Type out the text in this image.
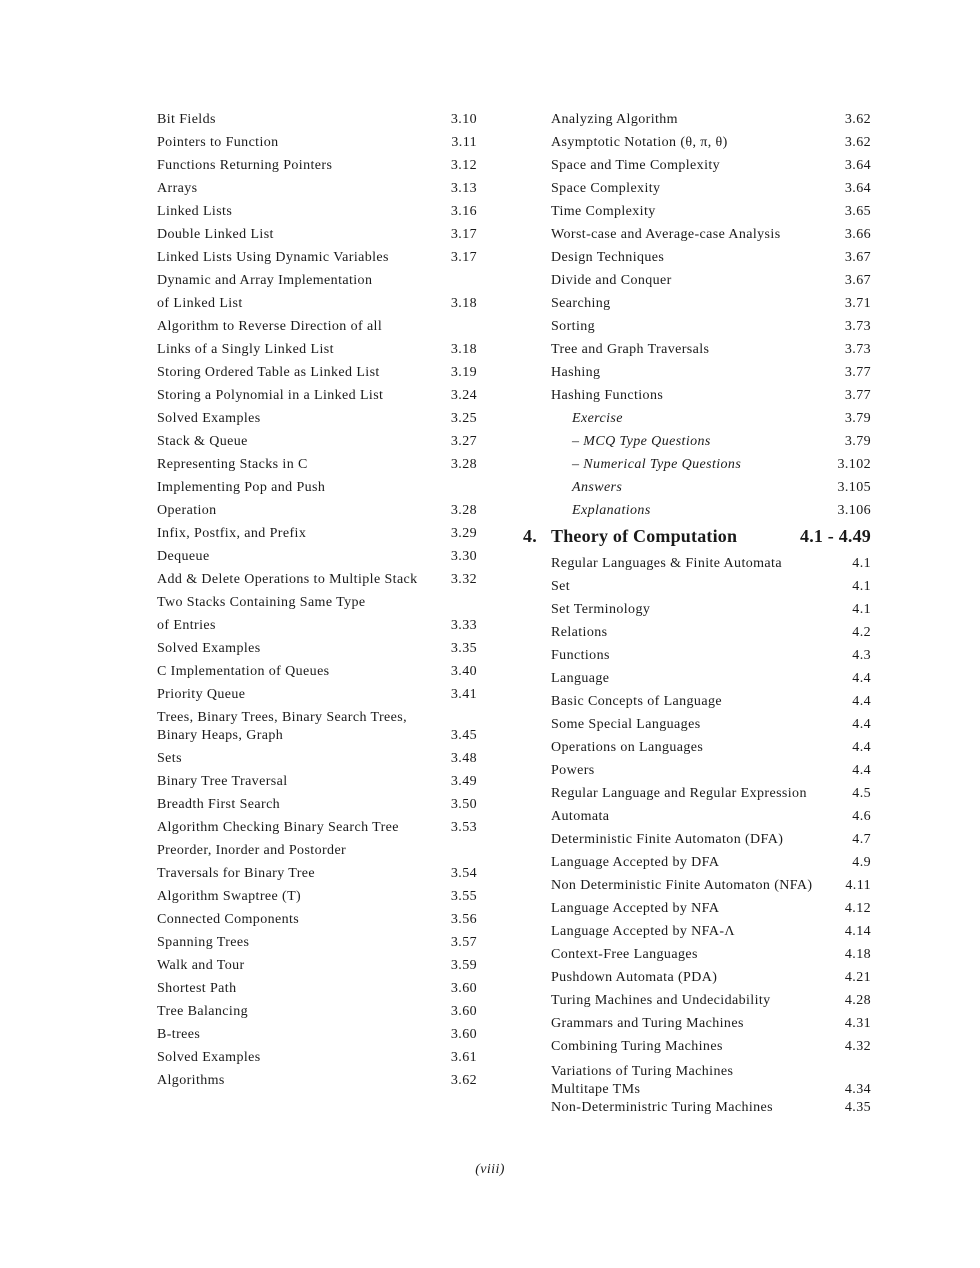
Bit Fields	3.10
Pointers to Function	3.11
Functions Returning Pointers	3.12
Arrays	3.13
Linked Lists	3.16
Double Linked List	3.17
Linked Lists Using Dynamic Variables	3.17
Dynamic and Array Implementation
of Linked List	3.18
Algorithm to Reverse Direction of all
Links of a Singly Linked List	3.18
Storing Ordered Table as Linked List	3.19
Storing a Polynomial in a Linked List	3.24
Solved Examples	3.25
Stack & Queue	3.27
Representing Stacks in C	3.28
Implementing Pop and Push
Operation	3.28
Infix, Postfix, and Prefix	3.29
Dequeue	3.30
Add & Delete Operations to Multiple Stack	3.32
Two Stacks Containing Same Type
of Entries	3.33
Solved Examples	3.35
C Implementation of Queues	3.40
Priority Queue	3.41
Trees, Binary Trees, Binary Search Trees, Binary Heaps, Graph	3.45
Sets	3.48
Binary Tree Traversal	3.49
Breadth First Search	3.50
Algorithm Checking Binary Search Tree	3.53
Preorder, Inorder and Postorder
Traversals for Binary Tree	3.54
Algorithm Swaptree (T)	3.55
Connected Components	3.56
Spanning Trees	3.57
Walk and Tour	3.59
Shortest Path	3.60
Tree Balancing	3.60
B-trees	3.60
Solved Examples	3.61
Algorithms	3.62
Analyzing Algorithm	3.62
Asymptotic Notation (θ, π, θ)	3.62
Space and Time Complexity	3.64
Space Complexity	3.64
Time Complexity	3.65
Worst-case and Average-case Analysis	3.66
Design Techniques	3.67
Divide and Conquer	3.67
Searching	3.71
Sorting	3.73
Tree and Graph Traversals	3.73
Hashing	3.77
Hashing Functions	3.77
Exercise	3.79
– MCQ Type Questions	3.79
– Numerical Type Questions	3.102
Answers	3.105
Explanations	3.106
4. Theory of Computation	4.1 - 4.49
Regular Languages & Finite Automata	4.1
Set	4.1
Set Terminology	4.1
Relations	4.2
Functions	4.3
Language	4.4
Basic Concepts of Language	4.4
Some Special Languages	4.4
Operations on Languages	4.4
Powers	4.4
Regular Language and Regular Expression	4.5
Automata	4.6
Deterministic Finite Automaton (DFA)	4.7
Language Accepted by DFA	4.9
Non Deterministic Finite Automaton (NFA)	4.11
Language Accepted by NFA	4.12
Language Accepted by NFA-Λ	4.14
Context-Free Languages	4.18
Pushdown Automata (PDA)	4.21
Turing Machines and Undecidability	4.28
Grammars and Turing Machines	4.31
Combining Turing Machines	4.32
Variations of Turing Machines
Multitape TMs	4.34
Non-Deterministric Turing Machines	4.35
(viii)
